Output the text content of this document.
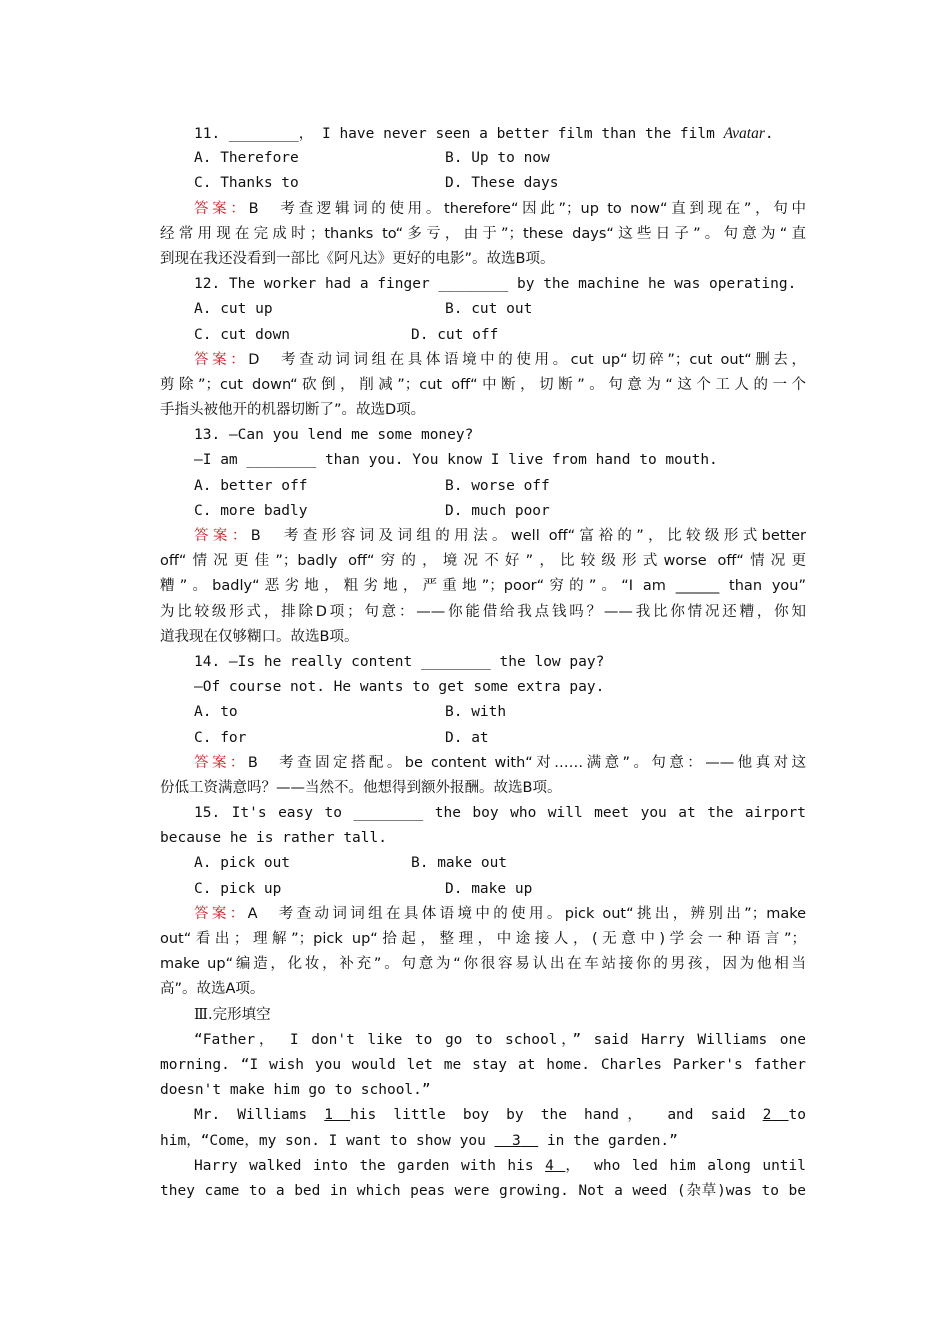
11. ________， I have never seen a better film than the film Avatar.
A. Therefore	B. Up to now
C. Thanks to	D. These days
答案：B　考查逻辑词的使用。therefore“因此”；up to now“直到现在”，句中
经常用现在完成时；thanks to“多亏，由于”；these days“这些日子”。句意为“直
到现在我还没看到一部比《阿凡达》更好的电影”。故选B项。
12. The worker had a finger ________ by the machine he was operating.
A. cut up	B. cut out
C. cut down	D. cut off
答案：D　考查动词词组在具体语境中的使用。cut up“切碎”；cut out“删去，
剪除”；cut down“砍倒，削减”；cut off“中断，切断”。句意为“这个工人的一个
手指头被他开的机器切断了”。故选D项。
13. —Can you lend me some money?
—I am ________ than you. You know I live from hand to mouth.
A. better off	B. worse off
C. more badly	D. much poor
答案：B　考查形容词及词组的用法。well off“富裕的”，比较级形式better
off“情况更佳”；badly off“穷的，境况不好”，比较级形式worse off“情况更
糟”。badly“恶劣地，粗劣地，严重地”；poor“穷的”。“I am ______ than you”
为比较级形式，排除D项；句意：——你能借给我点钱吗？——我比你情况还糟，你知
道我现在仅够糊口。故选B项。
14. —Is he really content ________ the low pay?
—Of course not. He wants to get some extra pay.
A. to	B. with
C. for	D. at
答案：B　考查固定搭配。be content with“对……满意”。句意：——他真对这
份低工资满意吗？——当然不。他想得到额外报酬。故选B项。
15. It's easy to ________ the boy who will meet you at the airport
because he is rather tall.
A. pick out	B. make out
C. pick up	D. make up
答案：A　考查动词词组在具体语境中的使用。pick out“挑出，辨别出”；make
out“看出；理解”；pick up“拾起，整理，中途接人，(无意中)学会一种语言”；
make up“编造，化妆，补充”。句意为“你很容易认出在车站接你的男孩，因为他相当
高”。故选A项。
Ⅲ.完形填空
“Father， I don't like to go to school，” said Harry Williams one
morning. “I wish you would let me stay at home. Charles Parker's father
doesn't make him go to school.”
Mr. Williams 1 his little boy by the hand， and said 2 to
him，“Come，my son. I want to show you   3   in the garden.”
Harry walked into the garden with his 4 ， who led him along until
they came to a bed in which peas were growing. Not a weed (杂草)was to be
